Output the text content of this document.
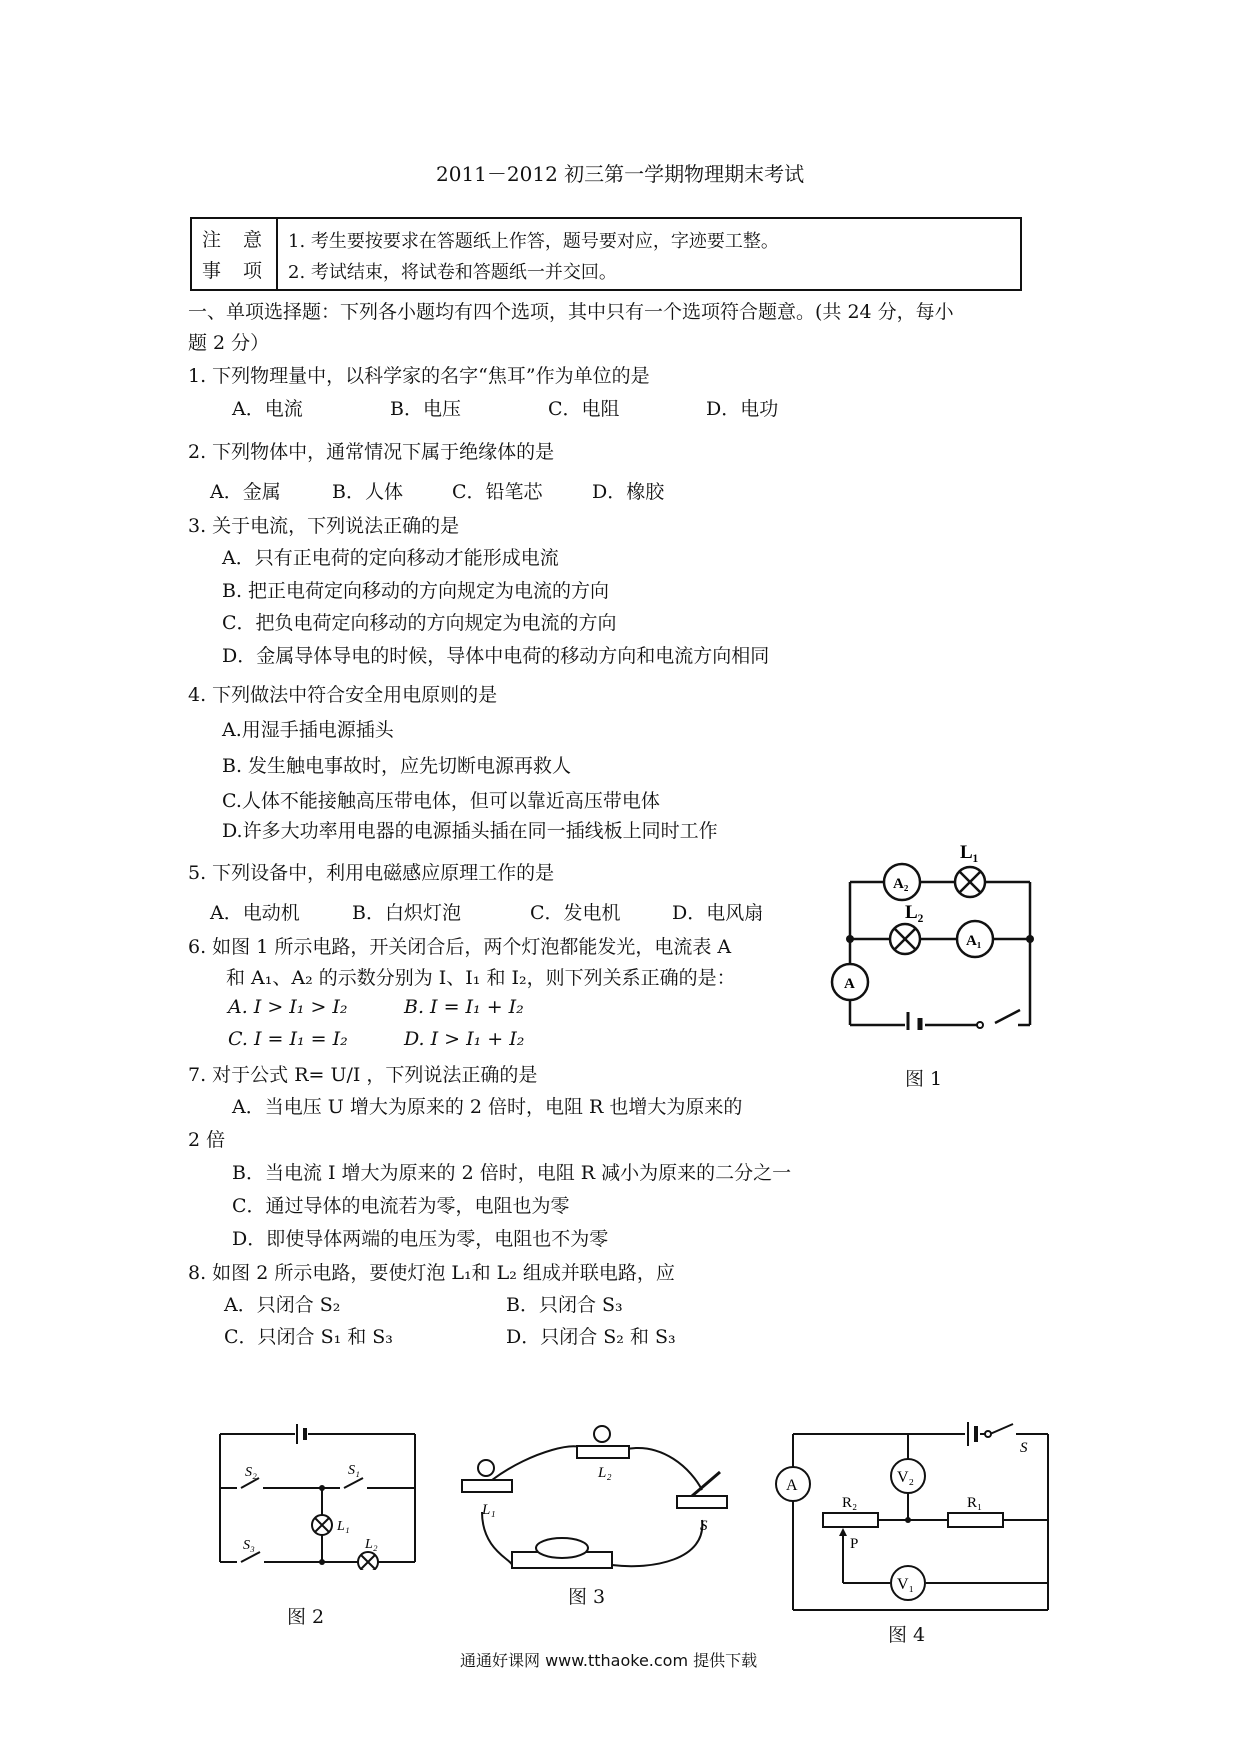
2011－2012 初三第一学期物理期末考试
注 意
事 项
1. 考生要按要求在答题纸上作答，题号要对应，字迹要工整。
2. 考试结束，将试卷和答题纸一并交回。
一、单项选择题：下列各小题均有四个选项，其中只有一个选项符合题意。(共 24 分，每小
题 2 分）
1. 下列物理量中，以科学家的名字“焦耳”作为单位的是
A．电流	B．电压	C．电阻	D．电功
2. 下列物体中，通常情况下属于绝缘体的是
A．金属	B．人体	C．铅笔芯	D．橡胶
3. 关于电流，下列说法正确的是
A．只有正电荷的定向移动才能形成电流
B. 把正电荷定向移动的方向规定为电流的方向
C．把负电荷定向移动的方向规定为电流的方向
D．金属导体导电的时候，导体中电荷的移动方向和电流方向相同
4. 下列做法中符合安全用电原则的是
A.用湿手插电源插头
B. 发生触电事故时，应先切断电源再救人
C.人体不能接触高压带电体，但可以靠近高压带电体
D.许多大功率用电器的电源插头插在同一插线板上同时工作
5. 下列设备中，利用电磁感应原理工作的是
A．电动机	B．白炽灯泡	C．发电机	D．电风扇
6. 如图 1 所示电路，开关闭合后，两个灯泡都能发光，电流表 A
和 A₁、A₂ 的示数分别为 I、I₁ 和 I₂，则下列关系正确的是：
A. I > I₁ > I₂	B. I = I₁ + I₂
C. I = I₁ = I₂	D. I > I₁ + I₂
7. 对于公式 R= U/I ，下列说法正确的是
A．当电压 U 增大为原来的 2 倍时，电阻 R 也增大为原来的
2 倍
B．当电流 I 增大为原来的 2 倍时，电阻 R 减小为原来的二分之一
C．通过导体的电流若为零，电阻也为零
D．即使导体两端的电压为零，电阻也不为零
8. 如图 2 所示电路，要使灯泡 L₁和 L₂ 组成并联电路，应
A．只闭合 S₂	B．只闭合 S₃
C．只闭合 S₁ 和 S₃	D．只闭合 S₂ 和 S₃
A₂
L₁
L₂
A₁
A
图 1
S₂	S₁
S₃
L₁
L₂
图 2
L₁
L₂
S
图 3
S
A	V₂
R₂
P
R₁
V₁
图 4
通通好课网 www.tthaoke.com 提供下载
